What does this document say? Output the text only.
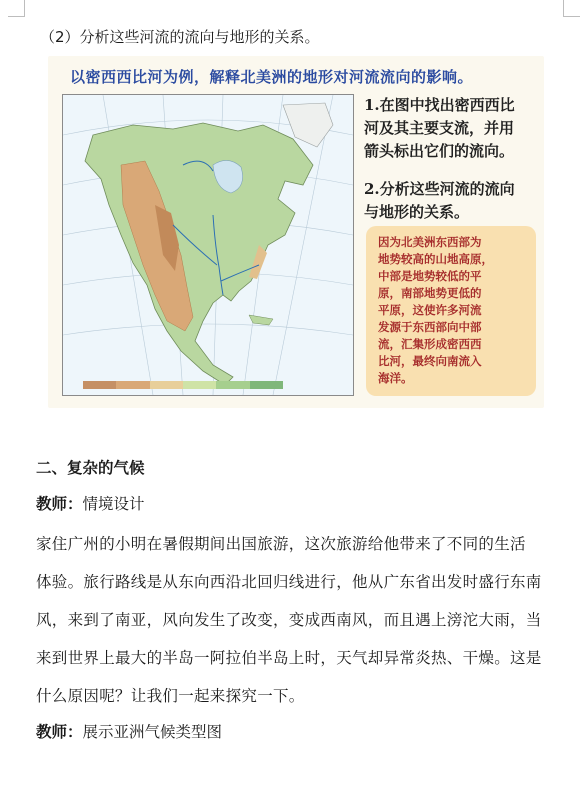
（2）分析这些河流的流向与地形的关系。
以密西西比河为例，解释北美洲的地形对河流流向的影响。
1.在图中找出密西西比
河及其主要支流，并用
箭头标出它们的流向。
2.分析这些河流的流向
与地形的关系。
因为北美洲东西部为
地势较高的山地高原，
中部是地势较低的平
原，南部地势更低的
平原，这使许多河流
发源于东西部向中部
流，汇集形成密西西
比河，最终向南流入
海洋。
二、复杂的气候
教师：情境设计
家住广州的小明在暑假期间出国旅游，这次旅游给他带来了不同的生活
体验。旅行路线是从东向西沿北回归线进行，他从广东省出发时盛行东南
风，来到了南亚，风向发生了改变，变成西南风，而且遇上滂沱大雨，当
来到世界上最大的半岛一阿拉伯半岛上时，天气却异常炎热、干燥。这是
什么原因呢？让我们一起来探究一下。
教师：展示亚洲气候类型图
